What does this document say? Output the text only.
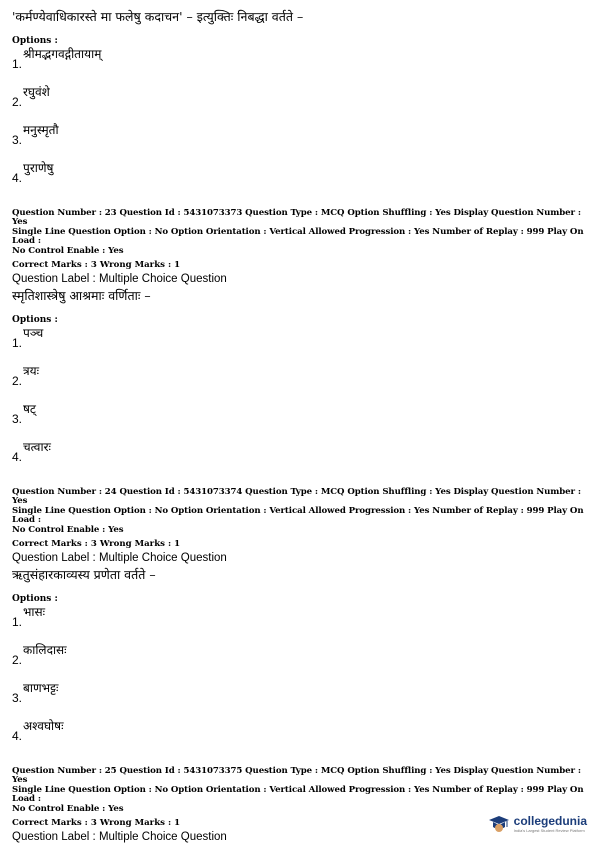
'कर्मण्येवाधिकारस्ते मा फलेषु कदाचन' – इत्युक्तिः निबद्धा वर्तते –

Options :
1.
श्रीमद्भगवद्गीतायाम्
2.
रघुवंशे
3.
मनुस्मृतौ
4.
पुराणेषु

Question Number : 23 Question Id : 5431073373 Question Type : MCQ Option Shuffling : Yes Display Question Number : Yes

Single Line Question Option : No Option Orientation : Vertical Allowed Progression : Yes Number of Replay : 999 Play On Load :

No Control Enable : Yes

Correct Marks : 3 Wrong Marks : 1
Question Label : Multiple Choice Question

स्मृतिशास्त्रेषु आश्रमाः वर्णिताः –

Options :
1.
पञ्च
2.
त्रयः
3.
षट्
4.
चत्वारः

Question Number : 24 Question Id : 5431073374 Question Type : MCQ Option Shuffling : Yes Display Question Number : Yes

Single Line Question Option : No Option Orientation : Vertical Allowed Progression : Yes Number of Replay : 999 Play On Load :

No Control Enable : Yes

Correct Marks : 3 Wrong Marks : 1
Question Label : Multiple Choice Question

ऋतुसंहारकाव्यस्य प्रणेता वर्तते –

Options :
1.
भासः
2.
कालिदासः
3.
बाणभट्टः
4.
अश्वघोषः

Question Number : 25 Question Id : 5431073375 Question Type : MCQ Option Shuffling : Yes Display Question Number : Yes

Single Line Question Option : No Option Orientation : Vertical Allowed Progression : Yes Number of Replay : 999 Play On Load :

No Control Enable : Yes

Correct Marks : 3 Wrong Marks : 1
Question Label : Multiple Choice Question
collegedunia
India's Largest Student Review Platform
